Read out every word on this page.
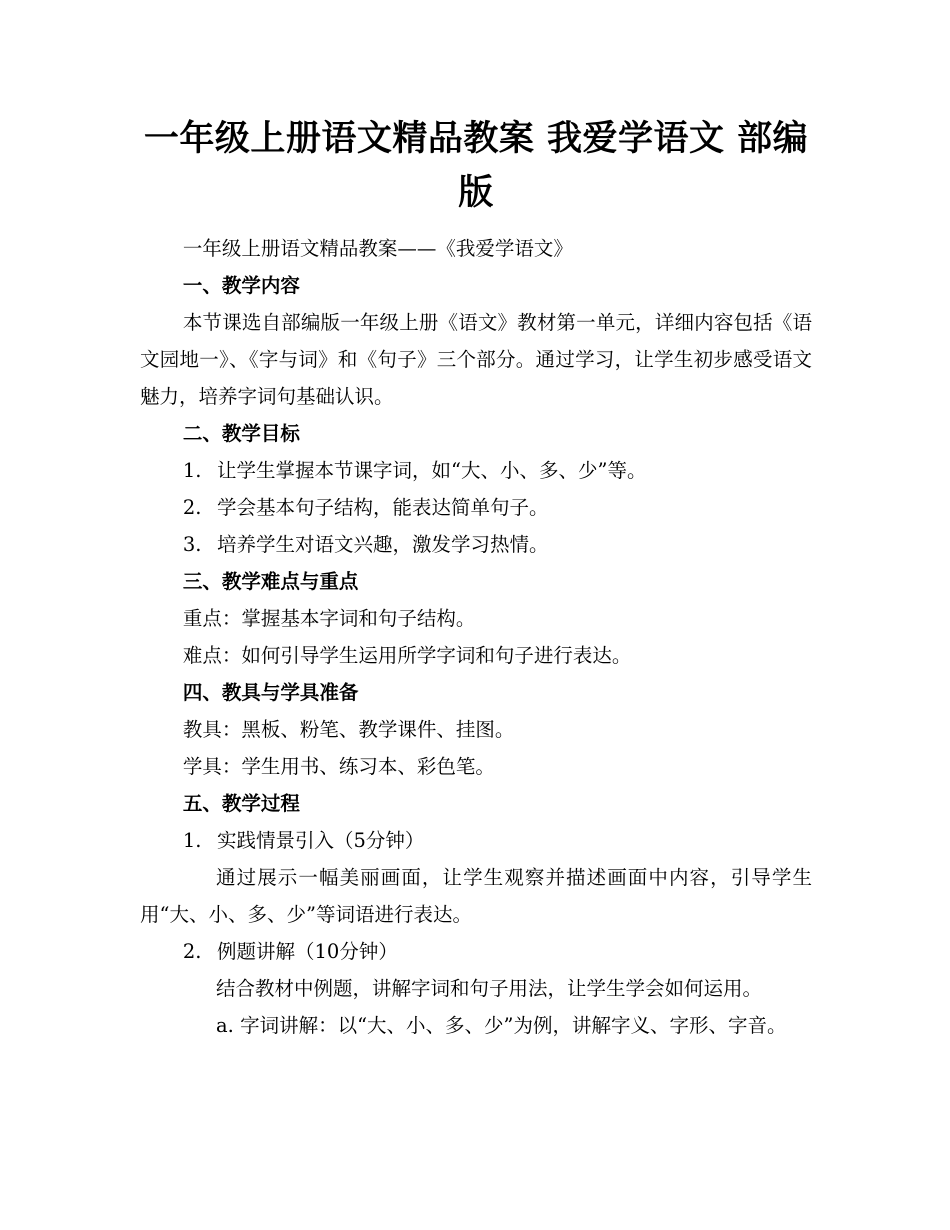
一年级上册语文精品教案 我爱学语文 部编版

一年级上册语文精品教案——《我爱学语文》

一、教学内容

本节课选自部编版一年级上册《语文》教材第一单元，详细内容包括《语文园地一》、《字与词》和《句子》三个部分。通过学习，让学生初步感受语文魅力，培养字词句基础认识。

二、教学目标

1. 让学生掌握本节课字词，如“大、小、多、少”等。

2. 学会基本句子结构，能表达简单句子。

3. 培养学生对语文兴趣，激发学习热情。

三、教学难点与重点

重点：掌握基本字词和句子结构。

难点：如何引导学生运用所学字词和句子进行表达。

四、教具与学具准备

教具：黑板、粉笔、教学课件、挂图。

学具：学生用书、练习本、彩色笔。

五、教学过程

1. 实践情景引入（5分钟）

通过展示一幅美丽画面，让学生观察并描述画面中内容，引导学生用“大、小、多、少”等词语进行表达。

2. 例题讲解（10分钟）

结合教材中例题，讲解字词和句子用法，让学生学会如何运用。

a. 字词讲解：以“大、小、多、少”为例，讲解字义、字形、字音。
